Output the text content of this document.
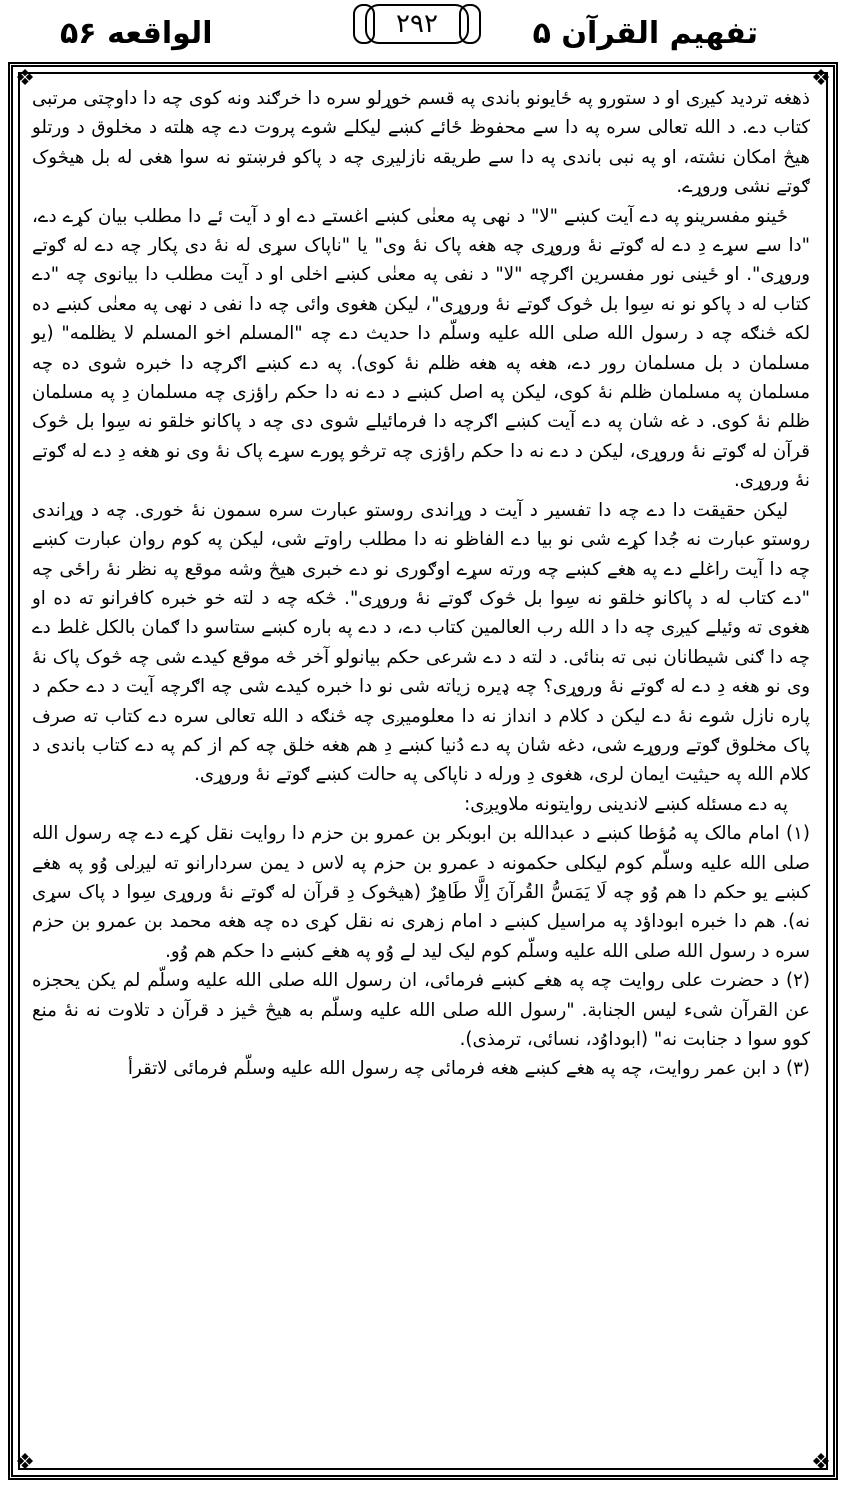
تفهیم القرآن ۵
۲۹۲
الواقعه ۵۶
❖	❖
❖	❖

ذهغه تردید کیږی او د ستورو په ځایونو باندی په قسم خوړلو سره دا خرګند ونه کوی چه دا داوچتی مرتبی کتاب دے. د الله تعالی سره په دا سے محفوظ ځائے کښے لیکلے شوے پروت دے چه هلته د مخلوق د ورتلو هیڅ امکان نشته، او په نبی باندی په دا سے طریقه نازلیږی چه د پاکو فرښتو نه سوا هغی له بل هیڅوک ګوتے نشی وروړے.

ځینو مفسرینو په دے آیت کښے "لا" د نهی په معنٰی کښے اغستے دے او د آیت ئے دا مطلب بیان کړے دے، "دا سے سړے دِ دے له ګوتے نهٔ وروړی چه هغه پاک نهٔ وی" یا "ناپاک سړی له نهٔ دی پکار چه دے له ګوتے وروړی". او ځینی نور مفسرین اګرچه "لا" د نفی په معنٰی کښے اخلی او د آیت مطلب دا بیانوی چه "دے کتاب له د پاکو نو نه سِوا بل څوک ګوتے نهٔ وروړی"، لیکن هغوی وائی چه دا نفی د نهی په معنٰی کښے ده لکه څنګه چه د رسول الله صلی الله علیه وسلّم دا حدیث دے چه "المسلم اخو المسلم لا یظلمه" (یو مسلمان د بل مسلمان رور دے، هغه په هغه ظلم نهٔ کوی). په دے کښے اګرچه دا خبره شوی ده چه مسلمان په مسلمان ظلم نهٔ کوی، لیکن په اصل کښے د دے نه دا حکم راؤزی چه مسلمان دِ په مسلمان ظلم نهٔ کوی. د غه شان په دے آیت کښے اګرچه دا فرمائیلے شوی دی چه د پاکانو خلقو نه سِوا بل څوک قرآن له ګوتے نهٔ وروړی، لیکن د دے نه دا حکم راؤزی چه ترڅو پورے سړے پاک نهٔ وی نو هغه دِ دے له ګوتے نهٔ وروړی.

لیکن حقیقت دا دے چه دا تفسیر د آیت د وړاندی روستو عبارت سره سمون نهٔ خوری. چه د وړاندی روستو عبارت نه جُدا کړے شی نو بیا دے الفاظو نه دا مطلب راوتے شی، لیکن په کوم روان عبارت کښے چه دا آیت راغلے دے په هغے کښے چه ورته سړے اوګوری نو دے خبری هیڅ وشه موقع په نظر نهٔ راځی چه "دے کتاب له د پاکانو خلقو نه سِوا بل څوک ګوتے نهٔ وروړی". څکه چه د لته خو خبره کافرانو ته ده او هغوی ته وئیلے کیږی چه دا د الله رب العالمین کتاب دے، د دے په باره کښے ستاسو دا ګمان بالکل غلط دے چه دا ګنی شیطانان نبی ته بنائی. د لته د دے شرعی حکم بیانولو آخر څه موقع کیدے شی چه څوک پاک نهٔ وی نو هغه دِ دے له ګوتے نهٔ وروړی؟ چه ډیره زیاته شی نو دا خبره کیدے شی چه اګرچه آیت د دے حکم د پاره نازل شوے نهٔ دے لیکن د کلام د انداز نه دا معلومیږی چه څنګه د الله تعالی سره دے کتاب ته صرف پاک مخلوق ګوتے وروړے شی، دغه شان په دے دُنیا کښے دِ هم هغه خلق چه کم از کم په دے کتاب باندی د کلام الله په حیثیت ایمان لری، هغوی دِ ورله د ناپاکی په حالت کښے ګوتے نهٔ وروړی.

په دے مسئله کښے لاندینی روایتونه ملاویږی:

(۱) امام مالک په مُؤطا کښے د عبدالله بن ابوبکر بن عمرو بن حزم دا روایت نقل کړے دے چه رسول الله صلی الله علیه وسلّم کوم لیکلی حکمونه د عمرو بن حزم په لاس د یمن سردارانو ته لیږلی وُو په هغے کښے یو حکم دا هم وُو چه لَا یَمَسُّ القُرآنَ اِلَّا طَاهِرٌ (هیڅوک دِ قرآن له ګوتے نهٔ وروړی سِوا د پاک سړی نه). هم دا خبره ابوداؤد په مراسیل کښے د امام زهری نه نقل کړی ده چه هغه محمد بن عمرو بن حزم سره د رسول الله صلی الله علیه وسلّم کوم لیک لید لے وُو په هغے کښے دا حکم هم وُو.

(۲) د حضرت علی روایت چه په هغے کښے فرمائی، ان رسول الله صلی الله علیه وسلّم لم یکن یحجزه عن القرآن شیء لیس الجنابة. "رسول الله صلی الله علیه وسلّم به هیڅ څیز د قرآن د تلاوت نه نهٔ منع کوو سوا د جنابت نه" (ابوداوُد، نسائی، ترمذی).

(۳) د ابن عمر روایت، چه په هغے کښے هغه فرمائی چه رسول الله علیه وسلّم فرمائی لاتقرأ
